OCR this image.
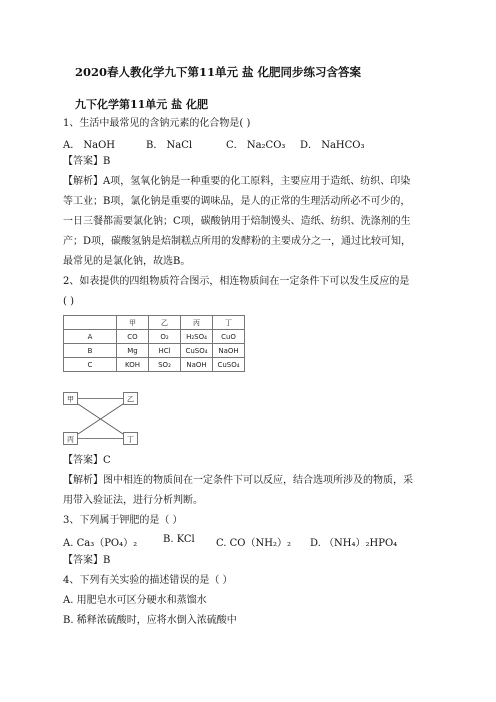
2020春人教化学九下第11单元 盐 化肥同步练习含答案
九下化学第11单元 盐 化肥
1、生活中最常见的含钠元素的化合物是( )
A． NaOH	B． NaCl	C． Na₂CO₃ D． NaHCO₃
【答案】B
【解析】A项，氢氧化钠是一种重要的化工原料，主要应用于造纸、纺织、印染
等工业；B项，氯化钠是重要的调味品，是人的正常的生理活动所必不可少的，
一日三餐都需要氯化钠；C项，碳酸钠用于焙制馒头、造纸、纺织、洗涤剂的生
产；D项，碳酸氢钠是焙制糕点所用的发酵粉的主要成分之一，通过比较可知，
最常见的是氯化钠，故选B。
2、如表提供的四组物质符合图示，相连物质间在一定条件下可以发生反应的是
( )
	甲	乙	丙	丁
A	CO	O₂	H₂SO₄	CuO
B	Mg	HCl	CuSO₄	NaOH
C	KOH	SO₂	NaOH	CuSO₄
甲	乙
丙	丁
【答案】C
【解析】图中相连的物质间在一定条件下可以反应，结合选项所涉及的物质，采
用带入验证法，进行分析判断。
3、下列属于钾肥的是（ ）
A. Ca₃（PO₄）₂	B. KCl C. CO（NH₂）₂ D. （NH₄）₂HPO₄
【答案】B
4、下列有关实验的描述错误的是（ ）
A. 用肥皂水可区分硬水和蒸馏水
B. 稀释浓硫酸时，应将水倒入浓硫酸中
